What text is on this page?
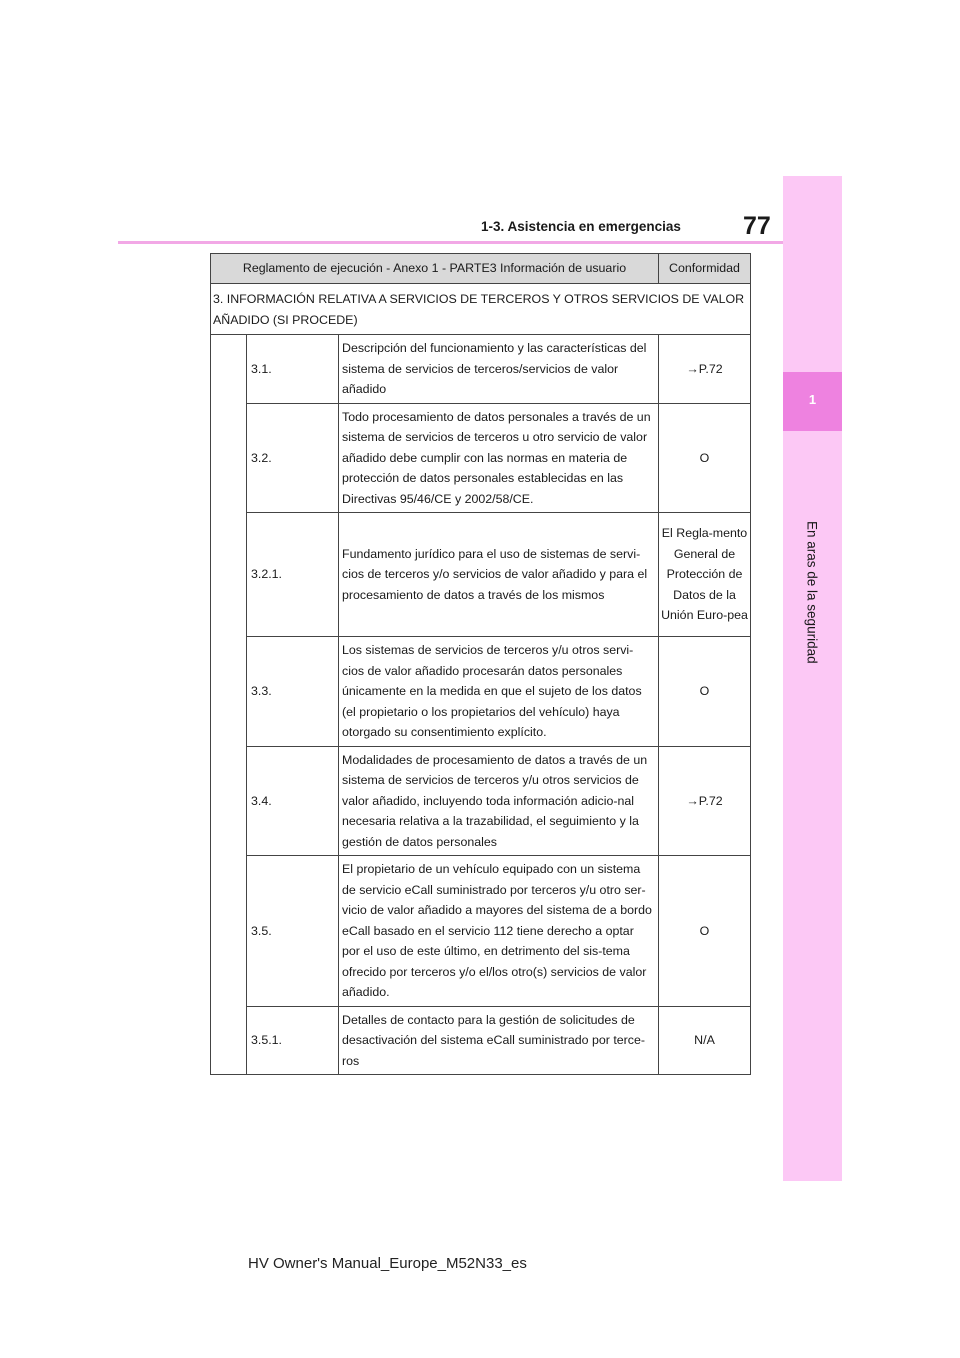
1
En aras de la seguridad
77
1-3. Asistencia en emergencias
Reglamento de ejecución - Anexo 1 - PARTE3 Información de usuario			Conformidad
3. INFORMACIÓN RELATIVA A SERVICIOS DE TERCEROS Y OTROS SERVICIOS DE VALOR AÑADIDO (SI PROCEDE)			
	3.1.	Descripción del funcionamiento y las características del sistema de servicios de terceros/servicios de valor añadido	→P.72
	3.2.	Todo procesamiento de datos personales a través de un sistema de servicios de terceros u otro servicio de valor añadido debe cumplir con las normas en materia de protección de datos personales establecidas en las Directivas 95/46/CE y 2002/58/CE.	O
	3.2.1.	Fundamento jurídico para el uso de sistemas de servi-cios de terceros y/o servicios de valor añadido y para el procesamiento de datos a través de los mismos	El Regla-mento General de Protección de Datos de la Unión Euro-pea
	3.3.	Los sistemas de servicios de terceros y/u otros servi-cios de valor añadido procesarán datos personales únicamente en la medida en que el sujeto de los datos (el propietario o los propietarios del vehículo) haya otorgado su consentimiento explícito.	O
	3.4.	Modalidades de procesamiento de datos a través de un sistema de servicios de terceros y/u otros servicios de valor añadido, incluyendo toda información adicio-nal necesaria relativa a la trazabilidad, el seguimiento y la gestión de datos personales	→P.72
	3.5.	El propietario de un vehículo equipado con un sistema de servicio eCall suministrado por terceros y/u otro ser-vicio de valor añadido a mayores del sistema de a bordo eCall basado en el servicio 112 tiene derecho a optar por el uso de este último, en detrimento del sis-tema ofrecido por terceros y/o el/los otro(s) servicios de valor añadido.	O
	3.5.1.	Detalles de contacto para la gestión de solicitudes de desactivación del sistema eCall suministrado por terce-ros	N/A
HV Owner's Manual_Europe_M52N33_es
